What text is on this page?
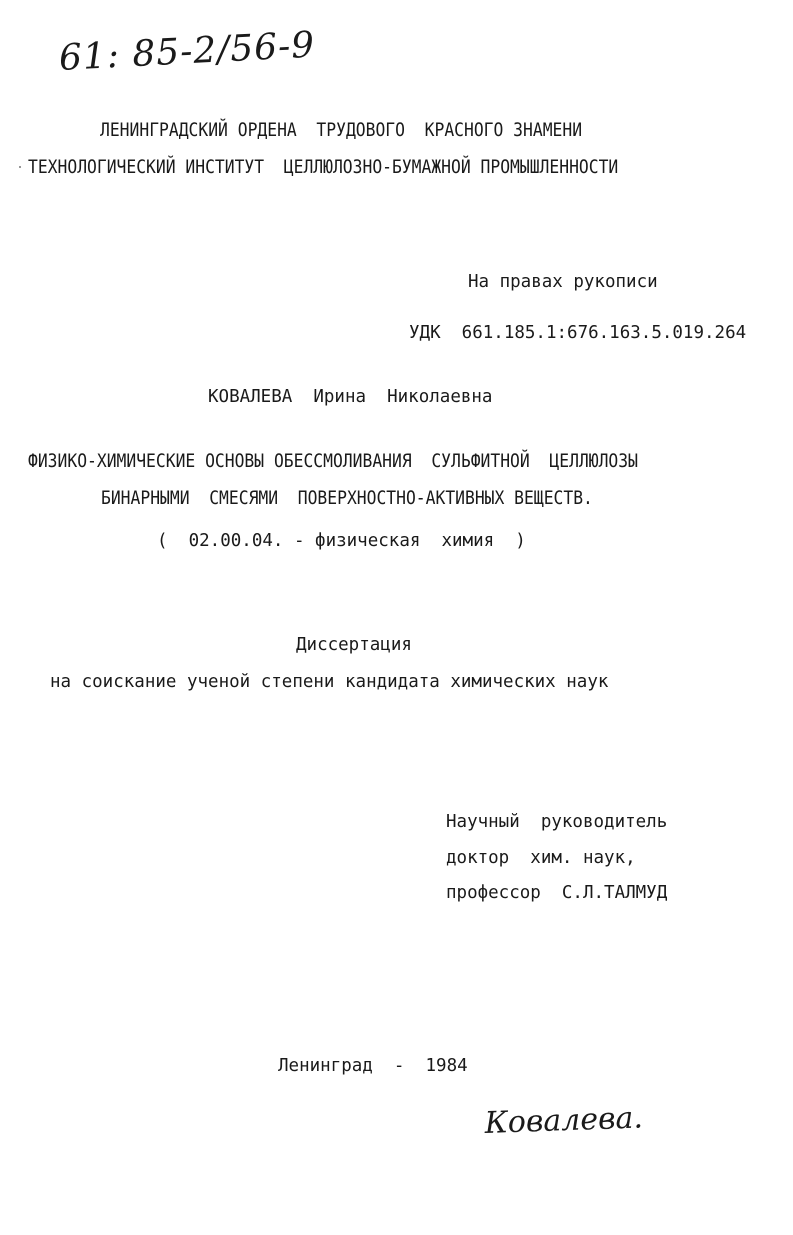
61: 85-2/56-9
ЛЕНИНГРАДСКИЙ ОРДЕНА  ТРУДОВОГО  КРАСНОГО ЗНАМЕНИ
ТЕХНОЛОГИЧЕСКИЙ ИНСТИТУТ  ЦЕЛЛЮЛОЗНО-БУМАЖНОЙ ПРОМЫШЛЕННОСТИ
На правах рукописи
УДК  661.185.1:676.163.5.019.264
КОВАЛЕВА  Ирина  Николаевна
ФИЗИКО-ХИМИЧЕСКИЕ ОСНОВЫ ОБЕССМОЛИВАНИЯ  СУЛЬФИТНОЙ  ЦЕЛЛЮЛОЗЫ
БИНАРНЫМИ  СМЕСЯМИ  ПОВЕРХНОСТНО-АКТИВНЫХ ВЕЩЕСТВ.
(  02.00.04. - физическая  химия  )
Диссертация
на соискание ученой степени кандидата химических наук
Научный  руководитель
доктор  хим. наук,
профессор  С.Л.ТАЛМУД
Ленинград  -  1984
Ковалева.
